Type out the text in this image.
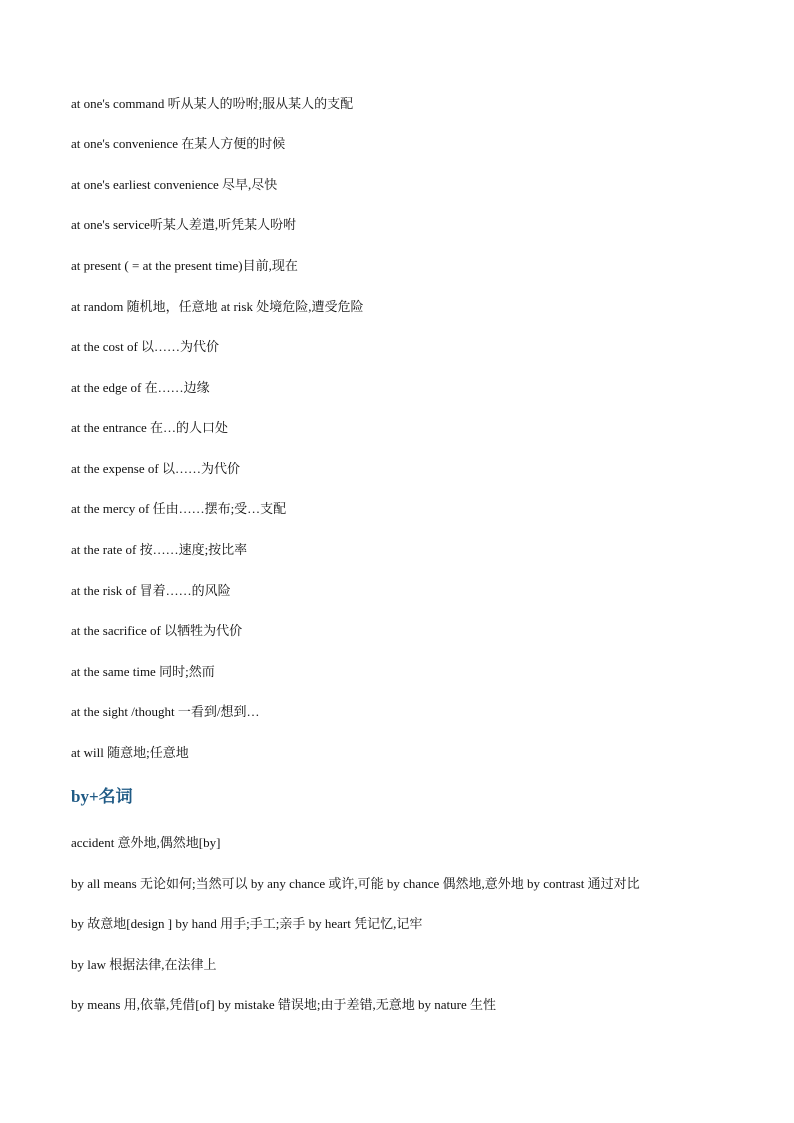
at one's command 听从某人的吩咐;服从某人的支配
at one's convenience 在某人方便的时候
at one's earliest convenience 尽早,尽快
at one's service听某人差遣,听凭某人吩咐
at present ( = at the present time)目前,现在
at random 随机地，任意地 at risk 处境危险,遭受危险
at the cost of 以……为代价
at the edge of 在……边缘
at the entrance 在…的人口处
at the expense of 以……为代价
at the mercy of 任由……摆布;受…支配
at the rate of 按……速度;按比率
at the risk of 冒着……的风险
at the sacrifice of 以牺牲为代价
at the same time 同时;然而
at the sight /thought 一看到/想到…
at will 随意地;任意地
by+名词
accident 意外地,偶然地[by]
by all means 无论如何;当然可以 by any chance 或许,可能 by chance 偶然地,意外地 by contrast 通过对比
by 故意地[design ] by hand 用手;手工;亲手 by heart 凭记忆,记牢
by law 根据法律,在法律上
by means 用,依靠,凭借[of] by mistake 错误地;由于差错,无意地 by nature 生性
